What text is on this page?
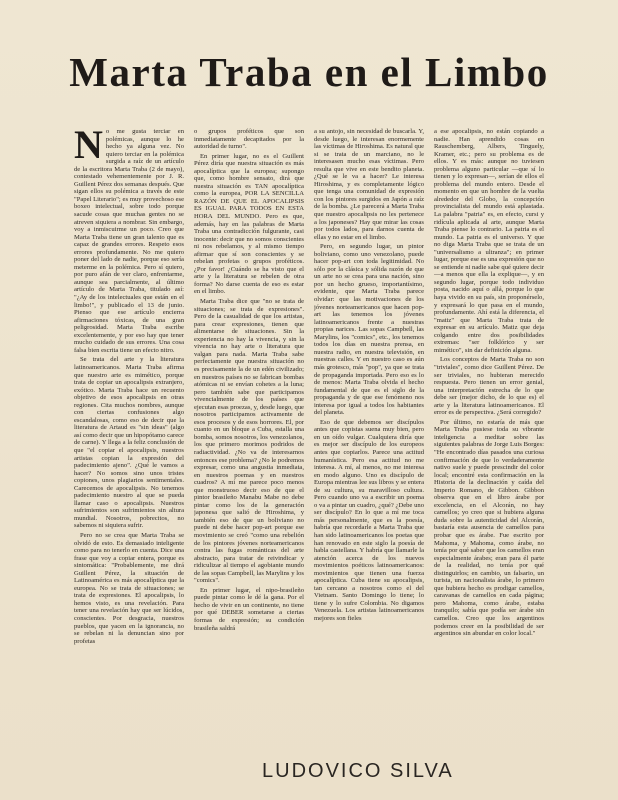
Marta Traba en el Limbo

No me gusta terciar en polémicas, aunque lo he hecho ya alguna vez. No quiero terciar en la polémica surgida a raíz de un artículo de la escritora Marta Traba (2 de mayo), contestado vehementemente por J. R. Guillent Pérez dos semanas después. Que sigan ellos su polémica a través de este "Papel Literario"; es muy provechoso ese boxeo intelectual, sobre todo porque sacude cosas que muchas gentes no se atreven siquiera a nombrar. Sin embargo, voy a inmiscuirme un poco. Creo que Marta Traba tiene un gran talento que es capaz de grandes errores. Respeto esos errores profundamente. No me quiero poner del lado de nadie, porque eso sería meterme en la polémica. Pero sí quiero, por puro afán de ver claro, enfrentarme, aunque sea parcialmente, al último artículo de Marta Traba, titulado así: "¿Ay de los intelectuales que están en el limbo!", y publicado el 13 de junio. Pienso que ese artículo encierra afirmaciones tóxicas, de una gran peligrosidad. Marta Traba escribe excelentemente, y por eso hay que tener mucho cuidado de sus errores. Una cosa falsa bien escrita tiene un efecto nitro.

Se trata del arte y la literatura latinoamericanos. Marta Traba afirma que nuestro arte es mimético, porque trata de copiar un apocalipsis extranjero, exótico. Marta Traba hace un recuento objetivo de esos apocalipsis en otras regiones. Cita muchos nombres, aunque con ciertas confusiones algo escandalosas, como eso de decir que la literatura de Artaud es "sin ideas" (algo así como decir que un hipopótamo carece de carne). Y llega a la feliz conclusión de que "el copiar el apocalipsis, nuestros artistas copian la expresión del padecimiento ajeno". ¿Qué le vamos a hacer? No somos sino unos tristes copiones, unos plagiarios sentimentales. Carecemos de apocalipsis. No tenemos padecimiento nuestro al que se pueda llamar caso o apocalipsis. Nuestros sufrimientos son sufrimientos sin altura mundial. Nosotros, pobrecitos, no sabemos ni siquiera sufrir.

Pero no se crea que Marta Traba se olvidó de esto. Es demasiado inteligente como para no tenerlo en cuenta. Dice una frase que voy a copiar entera, porque es sintomática: "Probablemente, me dirá Guillent Pérez, la situación de Latinoamérica es más apocalíptica que la europea. No se trata de situaciones; se trata de expresiones. El apocalipsis, lo hemos visto, es una revelación. Para tener una revelación hay que ser lúcidos, conscientes. Por desgracia, nuestros pueblos, que yacen en la ignorancia, no se rebelan ni la denuncian sino por profetas

o grupos proféticos que son inmediatamente decapitados por la autoridad de turno".

En primer lugar, no es el Guillent Pérez diría que nuestra situación es más apocalíptica que la europea; supongo que, como hombre sensato, dirá que nuestra situación es TAN apocalíptica como la europea, POR LA SENCILLA RAZÓN DE QUE EL APOCALIPSIS ES IGUAL PARA TODOS EN ESTA HORA DEL MUNDO. Pero es que, además, hay en las palabras de Marta Traba una contradicción fulgurante, casi inocente: decir que no somos conscientes ni nos rebelamos, y al mismo tiempo afirmar que sí son conscientes y se rebelan profetas o grupos proféticos. ¿Por favor! ¿Cuándo se ha visto que el arte y la literatura se rebelen de otra forma? No darse cuenta de eso es estar en el limbo.

Marta Traba dice que "no se trata de situaciones; se trata de expresiones". Pero de la casualidad de que los artistas, para crear expresiones, tienen que alimentarse de situaciones. Sin la experiencia no hay la vivencia, y sin la vivencia no hay arte o literatura que valgan para nada. Marta Traba sabe perfectamente que nuestra situación no es precisamente la de un edén civilizado; en nuestros países no se fabrican bombas atómicas ni se envían cohetes a la luna; pero también sabe que participamos vivencialmente de los países que ejecutan esas proezas, y, desde luego, que nosotros participamos activamente de esos procesos y de esos horrores. El, por cuanto en un bloque a Cuba, estalla una bomba, somos nosotros, los venezolanos, los que primero morimos podridos de radiactividad. ¿No va de interesarnos entonces ese problema? ¿No le podremos expresar, como una angustia inmediata, en nuestros poemas y en nuestros cuadros? A mí me parece poco menos que monstruoso decir eso de que el pintor brasileño Manabu Mabe no debe pintar como los de la generación japonesa que salió de Hiroshima, y también eso de que un boliviano no puede ni debe hacer pop-art porque ese movimiento se creó "como una rebelión de los pintores jóvenes norteamericanos contra las fugas románticas del arte abstracto, para tratar de reivindicar y ridiculizar al tiempo el agobiante mundo de las sopas Campbell, las Marylins y los "comics".

En primer lugar, el nipo-brasileño puede pintar como le dé la gana. Por el hecho de vivir en un continente, no tiene por qué DEBER sometarse a ciertas formas de expresión; su condición brasileña saldrá

a su antojo, sin necesidad de buscarla. Y, desde luego, le interesan enormemente las víctimas de Hiroshima. Es natural que si se trata de un marciano, no le interesasen mucho esas víctimas. Pero resulta que vive en este bendito planeta. ¿Qué se le va a hacer? Le interesa Hiroshima, y es completamente lógico que tenga una comunidad de expresión con los pintores surgidos en Japón a raíz de la bomba. ¿Le parecerá a Marta Traba que nuestro apocalipsis no les pertenece a los japoneses? Hay que mirar las cosas por todos lados, para darnos cuenta de ellas y no estar en el limbo.

Pero, en segundo lugar, un pintor boliviano, como uno venezolano, puede hacer pop-art con toda legitimidad. No sólo por la clásica y sólida razón de que un arte no se crea para una nación, sino por un hecho grueso, importantísimo, evidente, que Marta Traba parece olvidar: que las motivaciones de los jóvenes norteamericanos que hacen pop-art las tenemos los jóvenes latinoamericanos frente a nuestras propias narices. Las sopas Campbell, las Marylins, los "comics", etc., los tenemos todos los días en nuestra prensa, en nuestra radio, en nuestra televisión, en nuestras calles. Y en nuestro caso es aún más grotesco, más "pop", ya que se trata de propaganda importada. Pero eso es lo de menos: Marta Traba olvida el hecho fundamental de que es el siglo de la propaganda y de que ese fenómeno nos interesa por igual a todos los habitantes del planeta.

Eso de que debemos ser discípulos antes que copistas suena muy bien, pero en un oído vulgar. Cualquiera diría que es mejor ser discípulo de los europeos antes que copiarlos. Parece una actitud humanística. Pero esa actitud no me interesa. A mí, al menos, no me interesa en modo alguno. Uno es discípulo de Europa mientras lee sus libros y se entera de su cultura, su maravilloso cultura. Pero cuando uno va a escribir un poema o va a pintar un cuadro, ¿qué? ¿Debe uno ser discípulo? En lo que a mí me toca más personalmente, que es la poesía, habría que recordarle a Marta Traba que han sido latinoamericanos los poetas que han renovado en este siglo la poesía de habla castellana. Y habría que llamarle la atención acerca de los nuevos movimientos poéticos latinoamericanos: movimientos que tienen una fuerza apocalíptica. Cuba tiene su apocalipsis, tan cercano a nosotros como el del Vietnam. Santo Domingo lo tiene; lo tiene y lo sufre Colombia. No digamos Venezuela. Los artistas latinoamericanos mejores son fieles

a ese apocalipsis, no están copiando a nadie. Han aprendido cosas en Rauschemberg, Albers, Tinguely, Kramer, etc.; pero su problema es de ellos. Y es más: aunque no tuviesen problema alguno particular —que sí lo tienen y lo expresan—, serían de ellos el problema del mundo entero. Desde el momento en que un hombre de la vuelta alrededor del Globo, la concepción provincialista del mundo está aplastada. La palabra "patria" es, en efecto, cursi y ridícula aplicada al arte, aunque Marta Traba piense lo contrario. La patria es el mundo. La patria es el universo. Y que no diga Marta Traba que se trata de un "universalismo a ultranza"; en primer lugar, porque ese es una expresión que no se entiende ni nadie sabe qué quiere decir —a menos que ella la explique—, y en segundo lugar, porque todo individuo posta, nacido aquí o allá, porque lo que haya vivido en su país, sin proponérselo, y expresará lo que pasa en el mundo, profundamente. Ahí está la diferencia, el "matiz" que Marta Traba trata de expresar en su artículo. Matiz que deja colgando entre dos posibilidades extremas: "ser folklórico y ser mimético", sin dar definición alguna.

Los conceptos de Marta Traba no son "triviales", como dice Guillent Pérez. De ser triviales, no hubieran merecido respuesta. Pero tienen un error genial, una interpretación estrecha de lo que debe ser (mejor dicho, de lo que es) el arte y la literatura latinoamericanos. El error es de perspectiva. ¿Será corregido?

Por último, no estaría de más que Marta Traba pusiese toda su vibrante inteligencia a meditar sobre las siguientes palabras de Jorge Luis Borges: "He encontrado días pasados una curiosa confirmación de que lo verdaderamente nativo suele y puede prescindir del color local; encontré esta confirmación en la Historia de la declinación y caída del Imperio Romano, de Gibbon. Gibbon observa que en el libro árabe por excelencia, en el Alcorán, no hay camellos; yo creo que si hubiera alguna duda sobre la autenticidad del Alcorán, bastaría esta ausencia de camellos para probar que es árabe. Fue escrito por Mahoma, y Mahoma, como árabe, no tenía por qué saber que los camellos eran especialmente árabes; eran para él parte de la realidad, no tenía por qué distinguirlos; en cambio, un falsario, un turista, un nacionalista árabe, lo primero que hubiera hecho es prodigar camellos, caravanas de camellos en cada página; pero Mahoma, como árabe, estaba tranquilo; sabía que podía ser árabe sin camellos. Creo que los argentinos podemos creer en la posibilidad de ser argentinos sin abundar en color local."

LUDOVICO SILVA
